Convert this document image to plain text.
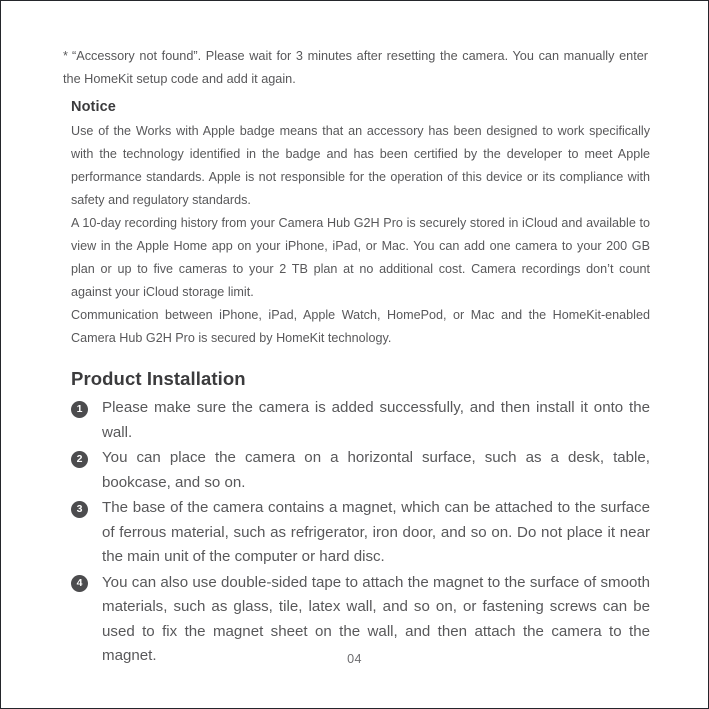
* “Accessory not found”. Please wait for 3 minutes after resetting the camera. You can manually enter the HomeKit setup code and add it again.

Notice

Use of the Works with Apple badge means that an accessory has been designed to work specifically with the technology identified in the badge and has been certified by the developer to meet Apple performance standards. Apple is not responsible for the operation of this device or its compliance with safety and regulatory standards.

A 10-day recording history from your Camera Hub G2H Pro is securely stored in iCloud and available to view in the Apple Home app on your iPhone, iPad, or Mac. You can add one camera to your 200 GB plan or up to five cameras to your 2 TB plan at no additional cost. Camera recordings don’t count against your iCloud storage limit.

Communication between iPhone, iPad, Apple Watch, HomePod, or Mac and the HomeKit-enabled Camera Hub G2H Pro is secured by HomeKit technology.

Product Installation
1	Please make sure the camera is added successfully, and then install it onto the wall.
2	You can place the camera on a horizontal surface, such as a desk, table, bookcase, and so on.
3	The base of the camera contains a magnet, which can be attached to the surface of ferrous material, such as refrigerator, iron door, and so on. Do not place it near the main unit of the computer or hard disc.
4	You can also use double-sided tape to attach the magnet to the surface of smooth materials, such as glass, tile, latex wall, and so on, or fastening screws can be used to fix the magnet sheet on the wall, and then attach the camera to the magnet.	04
